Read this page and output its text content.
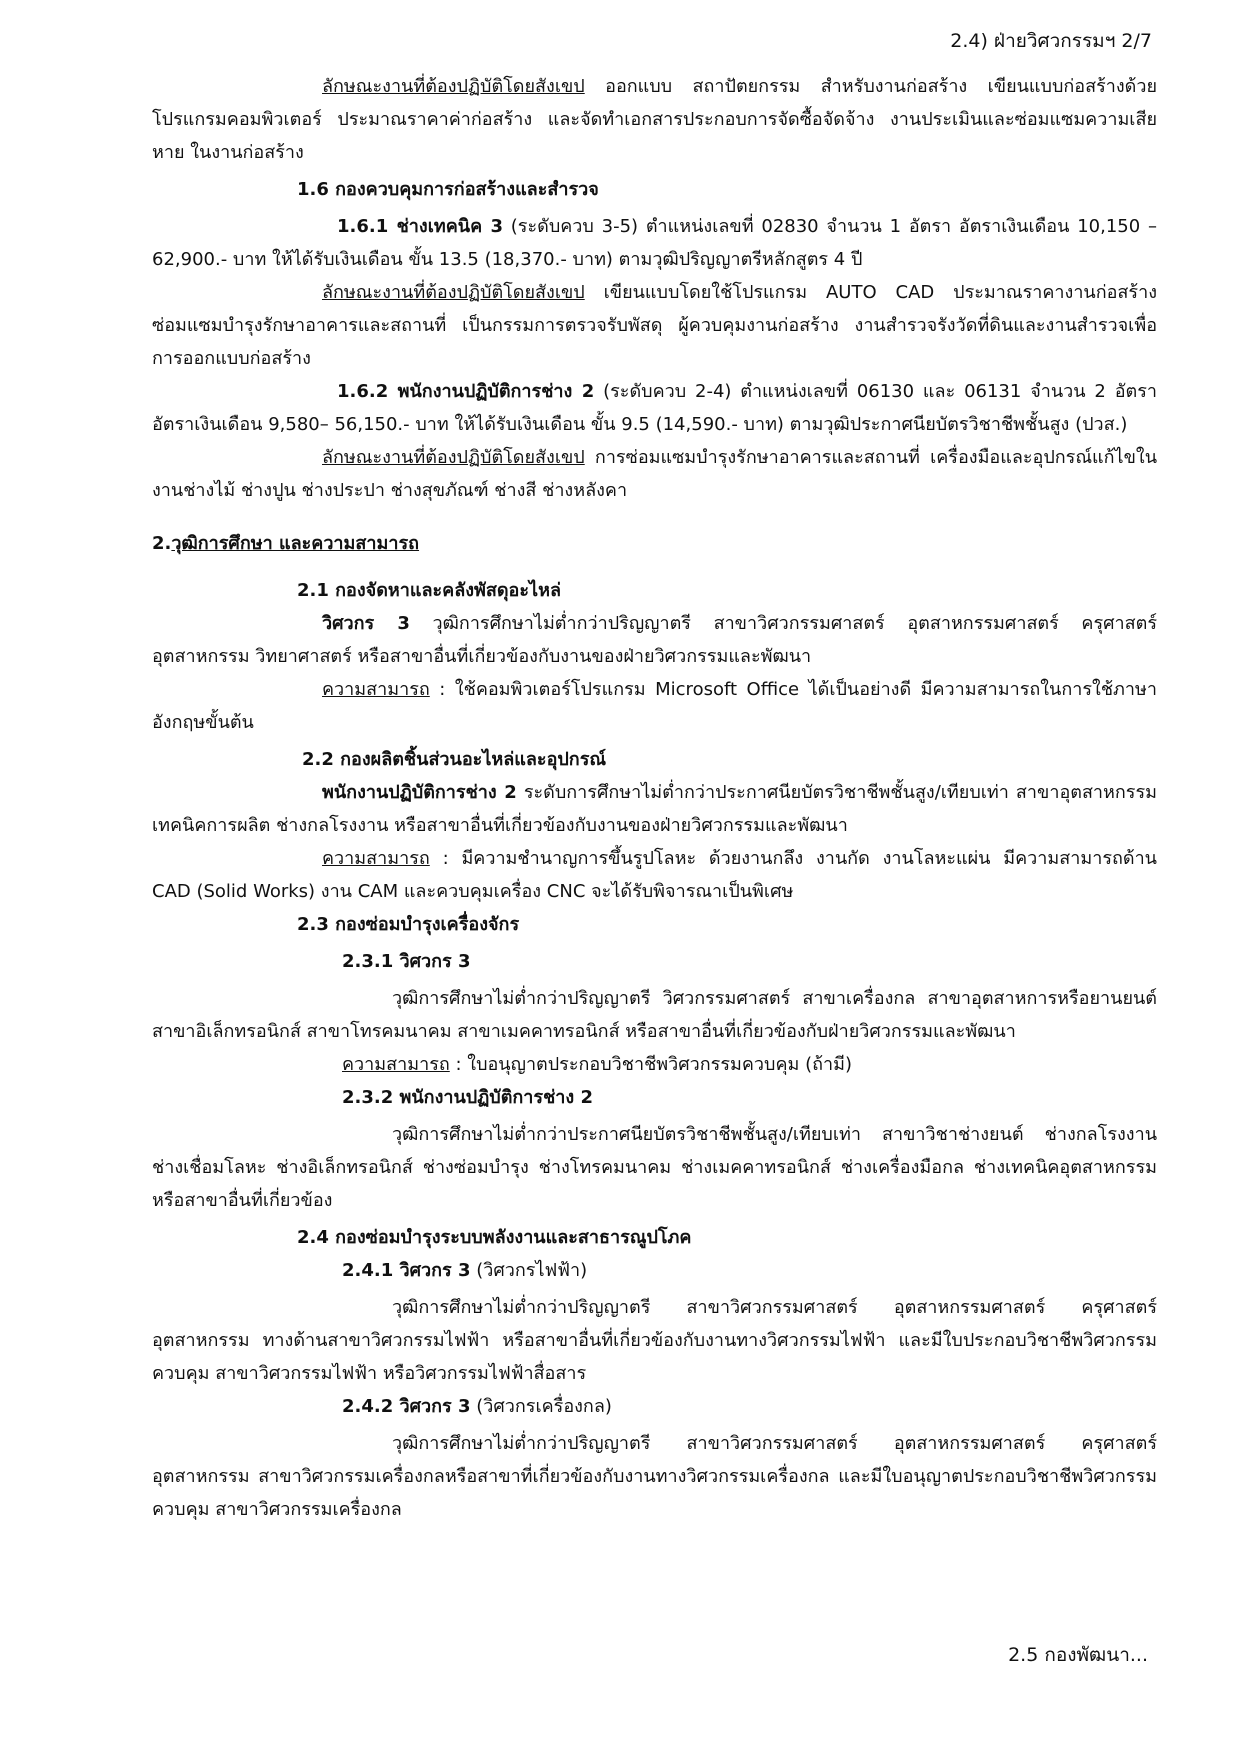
2.4) ฝ่ายวิศวกรรมฯ 2/7

ลักษณะงานที่ต้องปฏิบัติโดยสังเขป ออกแบบ สถาปัตยกรรม สำหรับงานก่อสร้าง เขียนแบบก่อสร้างด้วยโปรแกรมคอมพิวเตอร์ ประมาณราคาค่าก่อสร้าง และจัดทำเอกสารประกอบการจัดซื้อจัดจ้าง งานประเมินและซ่อมแซมความเสียหาย ในงานก่อสร้าง

1.6 กองควบคุมการก่อสร้างและสำรวจ

1.6.1 ช่างเทคนิค 3 (ระดับควบ 3-5) ตำแหน่งเลขที่ 02830 จำนวน 1 อัตรา อัตราเงินเดือน 10,150 – 62,900.- บาท ให้ได้รับเงินเดือน ขั้น 13.5 (18,370.- บาท) ตามวุฒิปริญญาตรีหลักสูตร 4 ปี

ลักษณะงานที่ต้องปฏิบัติโดยสังเขป เขียนแบบโดยใช้โปรแกรม AUTO CAD ประมาณราคางานก่อสร้างซ่อมแซมบำรุงรักษาอาคารและสถานที่ เป็นกรรมการตรวจรับพัสดุ ผู้ควบคุมงานก่อสร้าง งานสำรวจรังวัดที่ดินและงานสำรวจเพื่อการออกแบบก่อสร้าง

1.6.2 พนักงานปฏิบัติการช่าง 2 (ระดับควบ 2-4) ตำแหน่งเลขที่ 06130 และ 06131 จำนวน 2 อัตรา อัตราเงินเดือน 9,580– 56,150.- บาท ให้ได้รับเงินเดือน ขั้น 9.5 (14,590.- บาท) ตามวุฒิประกาศนียบัตรวิชาชีพชั้นสูง (ปวส.)

ลักษณะงานที่ต้องปฏิบัติโดยสังเขป การซ่อมแซมบำรุงรักษาอาคารและสถานที่ เครื่องมือและอุปกรณ์แก้ไขในงานช่างไม้ ช่างปูน ช่างประปา ช่างสุขภัณฑ์ ช่างสี ช่างหลังคา

2.วุฒิการศึกษา และความสามารถ
2.1 กองจัดหาและคลังพัสดุอะไหล่

วิศวกร 3 วุฒิการศึกษาไม่ต่ำกว่าปริญญาตรี สาขาวิศวกรรมศาสตร์ อุตสาหกรรมศาสตร์ ครุศาสตร์อุตสาหกรรม วิทยาศาสตร์ หรือสาขาอื่นที่เกี่ยวข้องกับงานของฝ่ายวิศวกรรมและพัฒนา

ความสามารถ : ใช้คอมพิวเตอร์โปรแกรม Microsoft Office ได้เป็นอย่างดี มีความสามารถในการใช้ภาษาอังกฤษขั้นต้น

2.2 กองผลิตชิ้นส่วนอะไหล่และอุปกรณ์

พนักงานปฏิบัติการช่าง 2 ระดับการศึกษาไม่ต่ำกว่าประกาศนียบัตรวิชาชีพชั้นสูง/เทียบเท่า สาขาอุตสาหกรรม เทคนิคการผลิต ช่างกลโรงงาน หรือสาขาอื่นที่เกี่ยวข้องกับงานของฝ่ายวิศวกรรมและพัฒนา

ความสามารถ : มีความชำนาญการขึ้นรูปโลหะ ด้วยงานกลึง งานกัด งานโลหะแผ่น มีความสามารถด้าน CAD (Solid Works) งาน CAM และควบคุมเครื่อง CNC จะได้รับพิจารณาเป็นพิเศษ

2.3 กองซ่อมบำรุงเครื่องจักร
2.3.1 วิศวกร 3

วุฒิการศึกษาไม่ต่ำกว่าปริญญาตรี วิศวกรรมศาสตร์ สาขาเครื่องกล สาขาอุตสาหการหรือยานยนต์ สาขาอิเล็กทรอนิกส์ สาขาโทรคมนาคม สาขาเมคคาทรอนิกส์ หรือสาขาอื่นที่เกี่ยวข้องกับฝ่ายวิศวกรรมและพัฒนา

ความสามารถ : ใบอนุญาตประกอบวิชาชีพวิศวกรรมควบคุม (ถ้ามี)

2.3.2 พนักงานปฏิบัติการช่าง 2

วุฒิการศึกษาไม่ต่ำกว่าประกาศนียบัตรวิชาชีพชั้นสูง/เทียบเท่า สาขาวิชาช่างยนต์ ช่างกลโรงงาน ช่างเชื่อมโลหะ ช่างอิเล็กทรอนิกส์ ช่างซ่อมบำรุง ช่างโทรคมนาคม ช่างเมคคาทรอนิกส์ ช่างเครื่องมือกล ช่างเทคนิคอุตสาหกรรม หรือสาขาอื่นที่เกี่ยวข้อง

2.4 กองซ่อมบำรุงระบบพลังงานและสาธารณูปโภค
2.4.1 วิศวกร 3 (วิศวกรไฟฟ้า)

วุฒิการศึกษาไม่ต่ำกว่าปริญญาตรี สาขาวิศวกรรมศาสตร์ อุตสาหกรรมศาสตร์ ครุศาสตร์อุตสาหกรรม ทางด้านสาขาวิศวกรรมไฟฟ้า หรือสาขาอื่นที่เกี่ยวข้องกับงานทางวิศวกรรมไฟฟ้า และมีใบประกอบวิชาชีพวิศวกรรมควบคุม สาขาวิศวกรรมไฟฟ้า หรือวิศวกรรมไฟฟ้าสื่อสาร

2.4.2 วิศวกร 3 (วิศวกรเครื่องกล)

วุฒิการศึกษาไม่ต่ำกว่าปริญญาตรี สาขาวิศวกรรมศาสตร์ อุตสาหกรรมศาสตร์ ครุศาสตร์อุตสาหกรรม สาขาวิศวกรรมเครื่องกลหรือสาขาที่เกี่ยวข้องกับงานทางวิศวกรรมเครื่องกล และมีใบอนุญาตประกอบวิชาชีพวิศวกรรมควบคุม สาขาวิศวกรรมเครื่องกล

2.5 กองพัฒนา...
